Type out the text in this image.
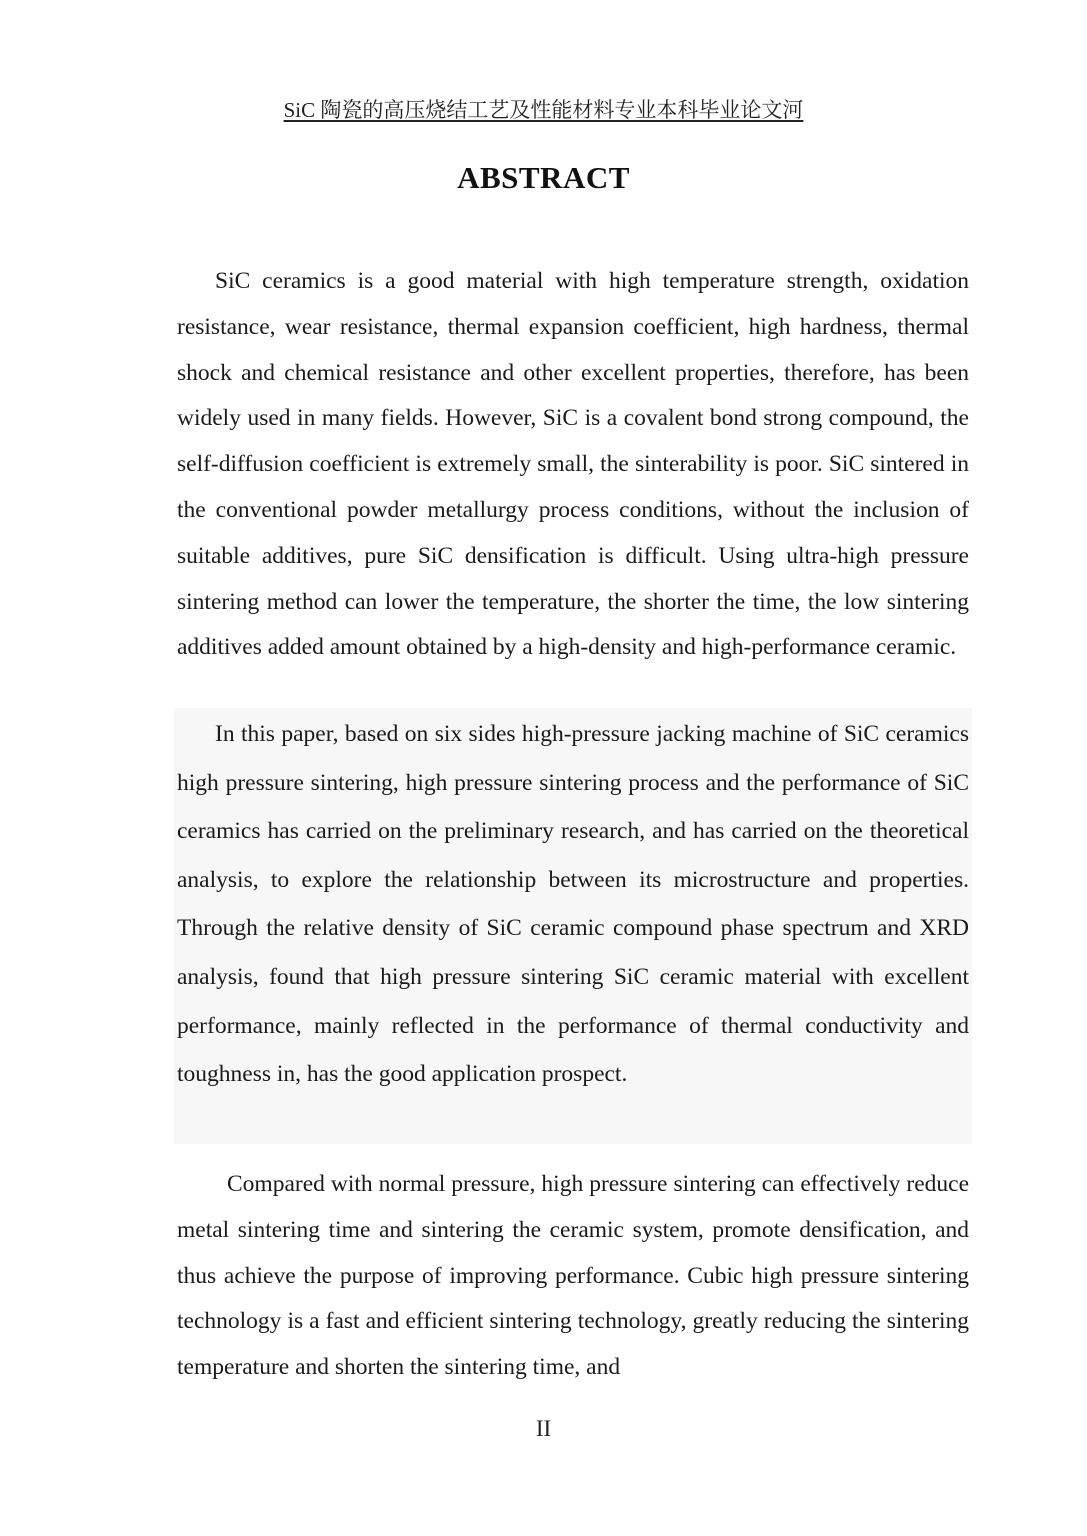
SiC 陶瓷的高压烧结工艺及性能材料专业本科毕业论文河
ABSTRACT

SiC ceramics is a good material with high temperature strength, oxidation resistance, wear resistance, thermal expansion coefficient, high hardness, thermal shock and chemical resistance and other excellent properties, therefore, has been widely used in many fields. However, SiC is a covalent bond strong compound, the self-diffusion coefficient is extremely small, the sinterability is poor. SiC sintered in the conventional powder metallurgy process conditions, without the inclusion of suitable additives, pure SiC densification is difficult. Using ultra-high pressure sintering method can lower the temperature, the shorter the time, the low sintering additives added amount obtained by a high-density and high-performance ceramic.

In this paper, based on six sides high-pressure jacking machine of SiC ceramics high pressure sintering, high pressure sintering process and the performance of SiC ceramics has carried on the preliminary research, and has carried on the theoretical analysis, to explore the relationship between its microstructure and properties. Through the relative density of SiC ceramic compound phase spectrum and XRD analysis, found that high pressure sintering SiC ceramic material with excellent performance, mainly reflected in the performance of thermal conductivity and toughness in, has the good application prospect.

Compared with normal pressure, high pressure sintering can effectively reduce metal sintering time and sintering the ceramic system, promote densification, and thus achieve the purpose of improving performance. Cubic high pressure sintering technology is a fast and efficient sintering technology, greatly reducing the sintering temperature and shorten the sintering time, and

II
